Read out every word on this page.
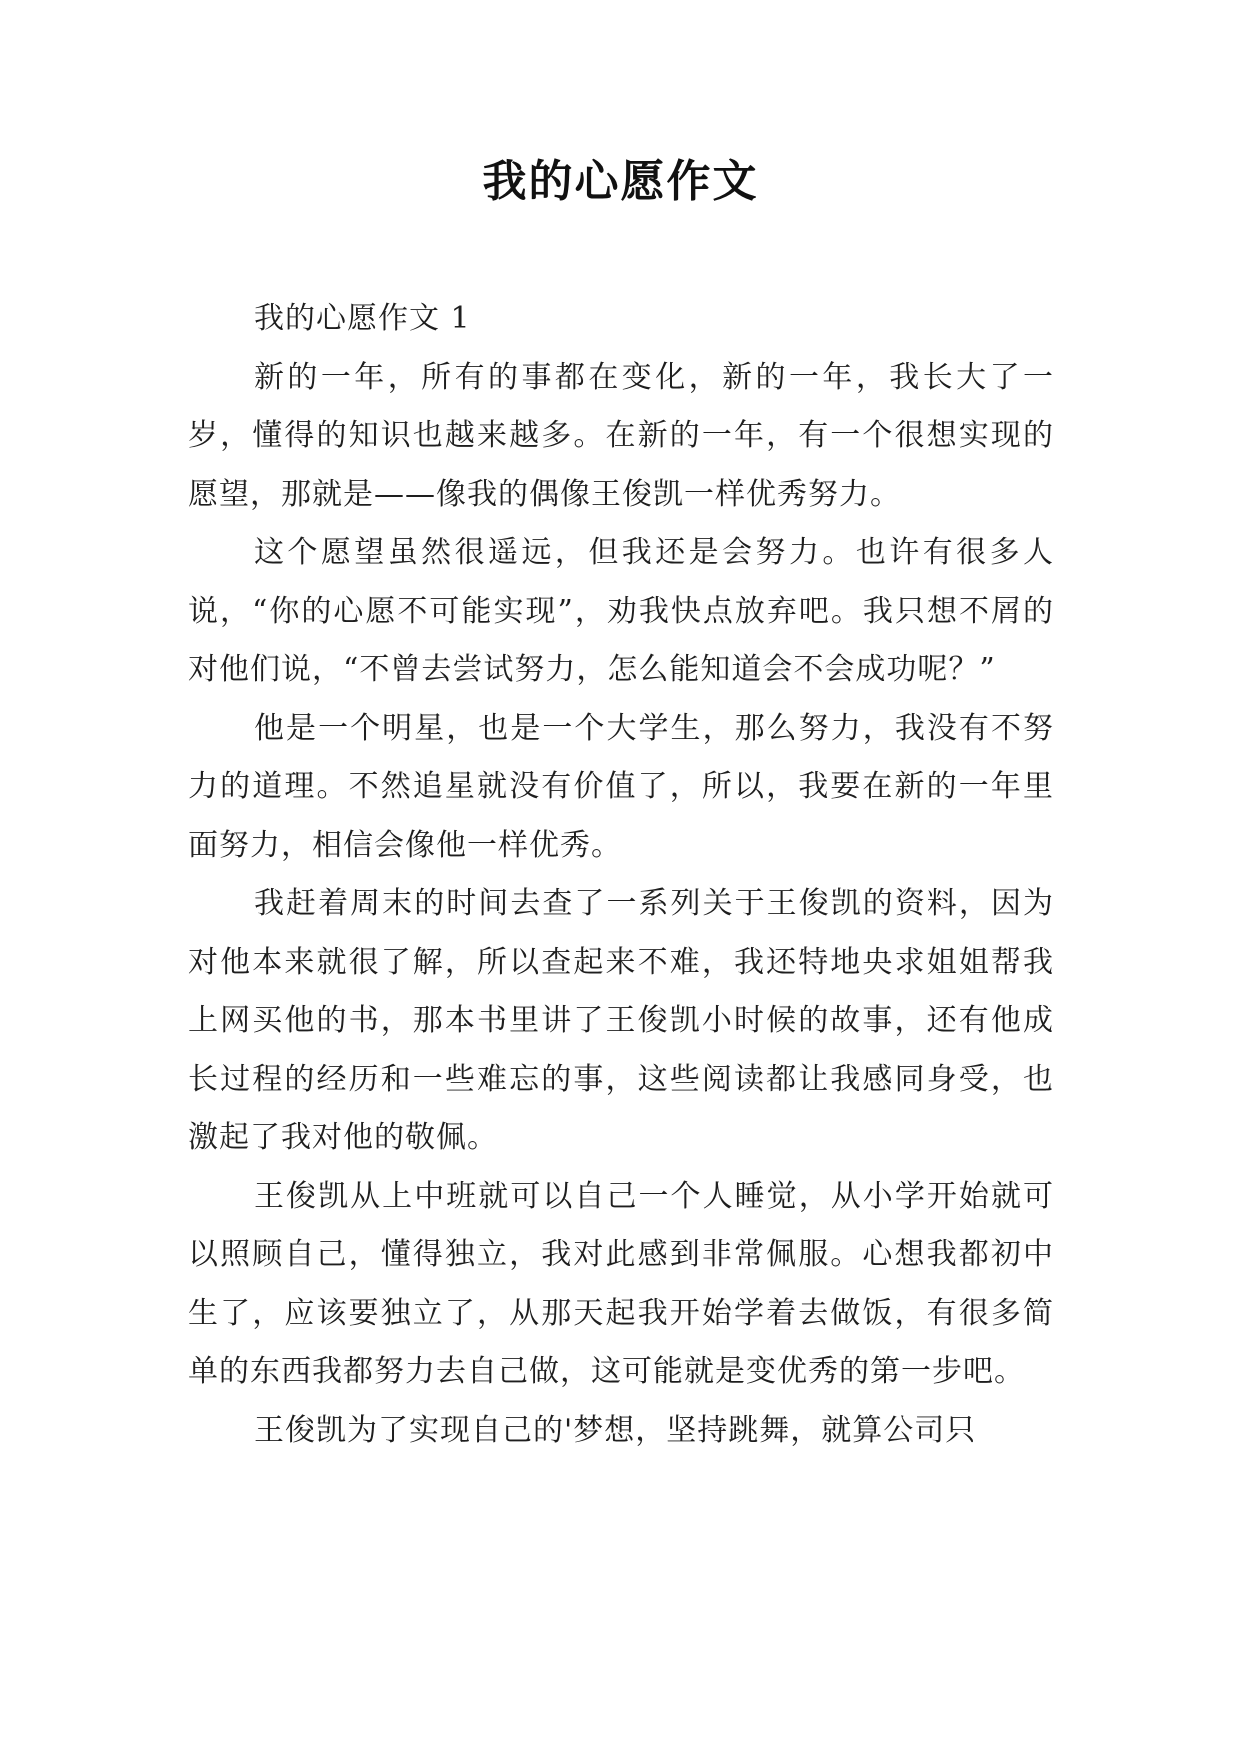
我的心愿作文

我的心愿作文 1

新的一年，所有的事都在变化，新的一年，我长大了一岁，懂得的知识也越来越多。在新的一年，有一个很想实现的愿望，那就是——像我的偶像王俊凯一样优秀努力。

这个愿望虽然很遥远，但我还是会努力。也许有很多人说，“你的心愿不可能实现”，劝我快点放弃吧。我只想不屑的对他们说，“不曾去尝试努力，怎么能知道会不会成功呢？”

他是一个明星，也是一个大学生，那么努力，我没有不努力的道理。不然追星就没有价值了，所以，我要在新的一年里面努力，相信会像他一样优秀。

我赶着周末的时间去查了一系列关于王俊凯的资料，因为对他本来就很了解，所以查起来不难，我还特地央求姐姐帮我上网买他的书，那本书里讲了王俊凯小时候的故事，还有他成长过程的经历和一些难忘的事，这些阅读都让我感同身受，也激起了我对他的敬佩。

王俊凯从上中班就可以自己一个人睡觉，从小学开始就可以照顾自己，懂得独立，我对此感到非常佩服。心想我都初中生了，应该要独立了，从那天起我开始学着去做饭，有很多简单的东西我都努力去自己做，这可能就是变优秀的第一步吧。

王俊凯为了实现自己的'梦想，坚持跳舞，就算公司只
